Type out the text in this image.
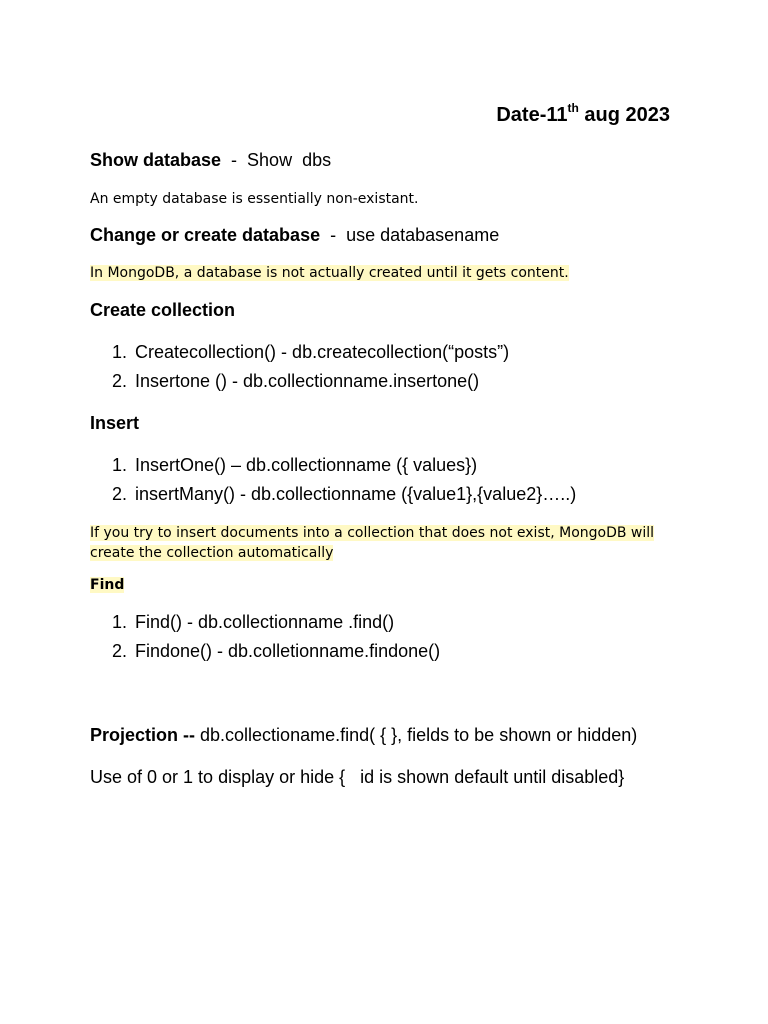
Date-11th aug 2023
Show database  -  Show  dbs
An empty database is essentially non-existant.
Change or create database  -  use databasename
In MongoDB, a database is not actually created until it gets content.
Create collection
1. Createcollection() - db.createcollection(“posts”)
2. Insertone () - db.collectionname.insertone()
Insert
1. InsertOne() – db.collectionname ({ values})
2. insertMany() - db.collectionname ({value1},{value2}…..)
If you try to insert documents into a collection that does not exist, MongoDB will create the collection automatically
Find
1. Find() - db.collectionname .find()
2. Findone() - db.colletionname.findone()
Projection -- db.collectioname.find( { }, fields to be shown or hidden)
Use of 0 or 1 to display or hide {   id is shown default until disabled}
